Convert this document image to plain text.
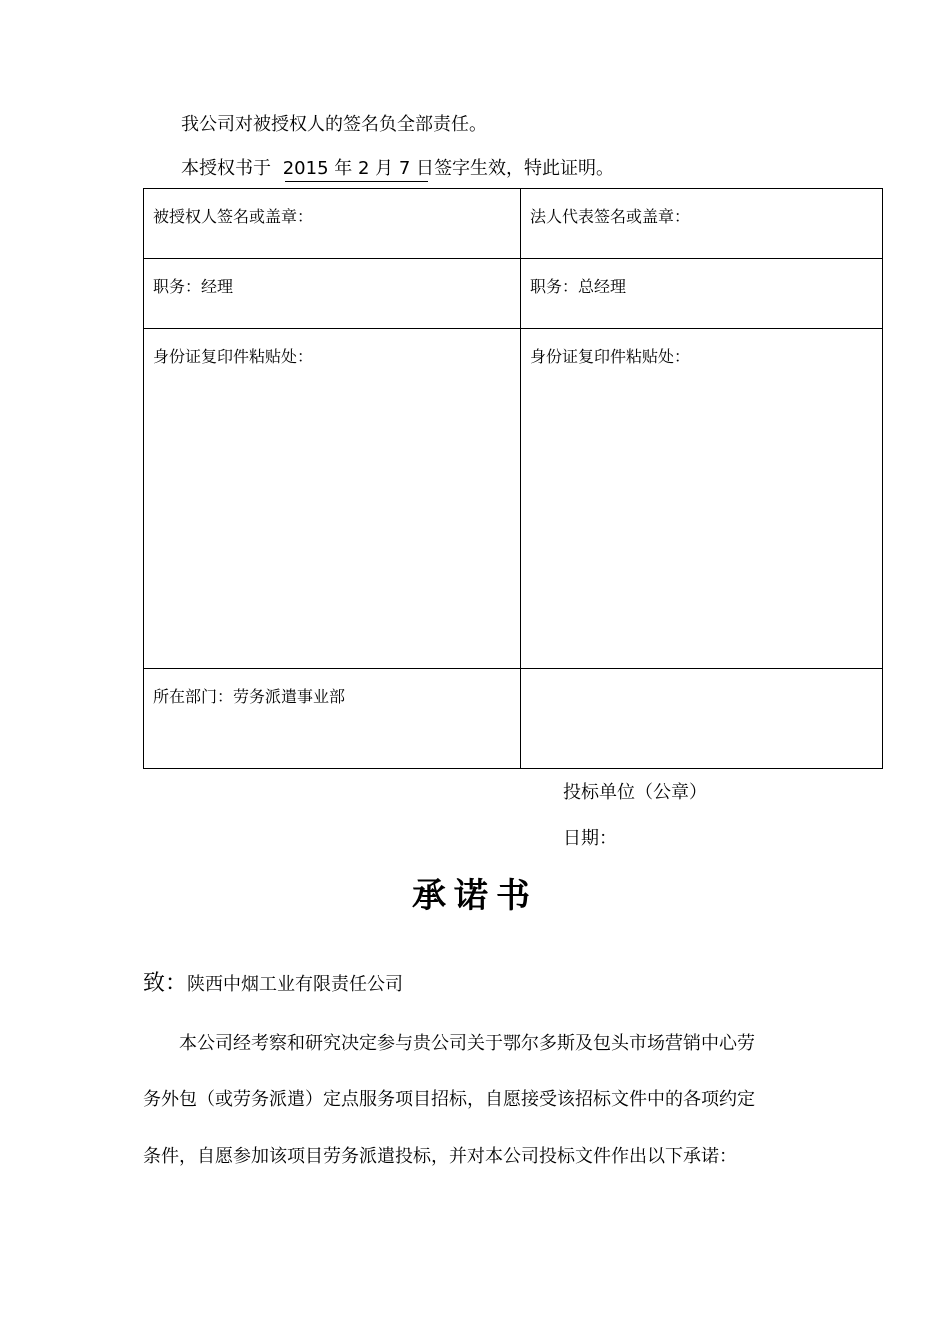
我公司对被授权人的签名负全部责任。
本授权书于 2015 年 2 月 7 日签字生效，特此证明。
被授权人签名或盖章：	法人代表签名或盖章：
职务：经理	职务：总经理
身份证复印件粘贴处：	身份证复印件粘贴处：
所在部门：劳务派遣事业部	
投标单位（公章）
日期：
承诺书
致：陕西中烟工业有限责任公司
本公司经考察和研究决定参与贵公司关于鄂尔多斯及包头市场营销中心劳
务外包（或劳务派遣）定点服务项目招标，自愿接受该招标文件中的各项约定
条件，自愿参加该项目劳务派遣投标，并对本公司投标文件作出以下承诺：
